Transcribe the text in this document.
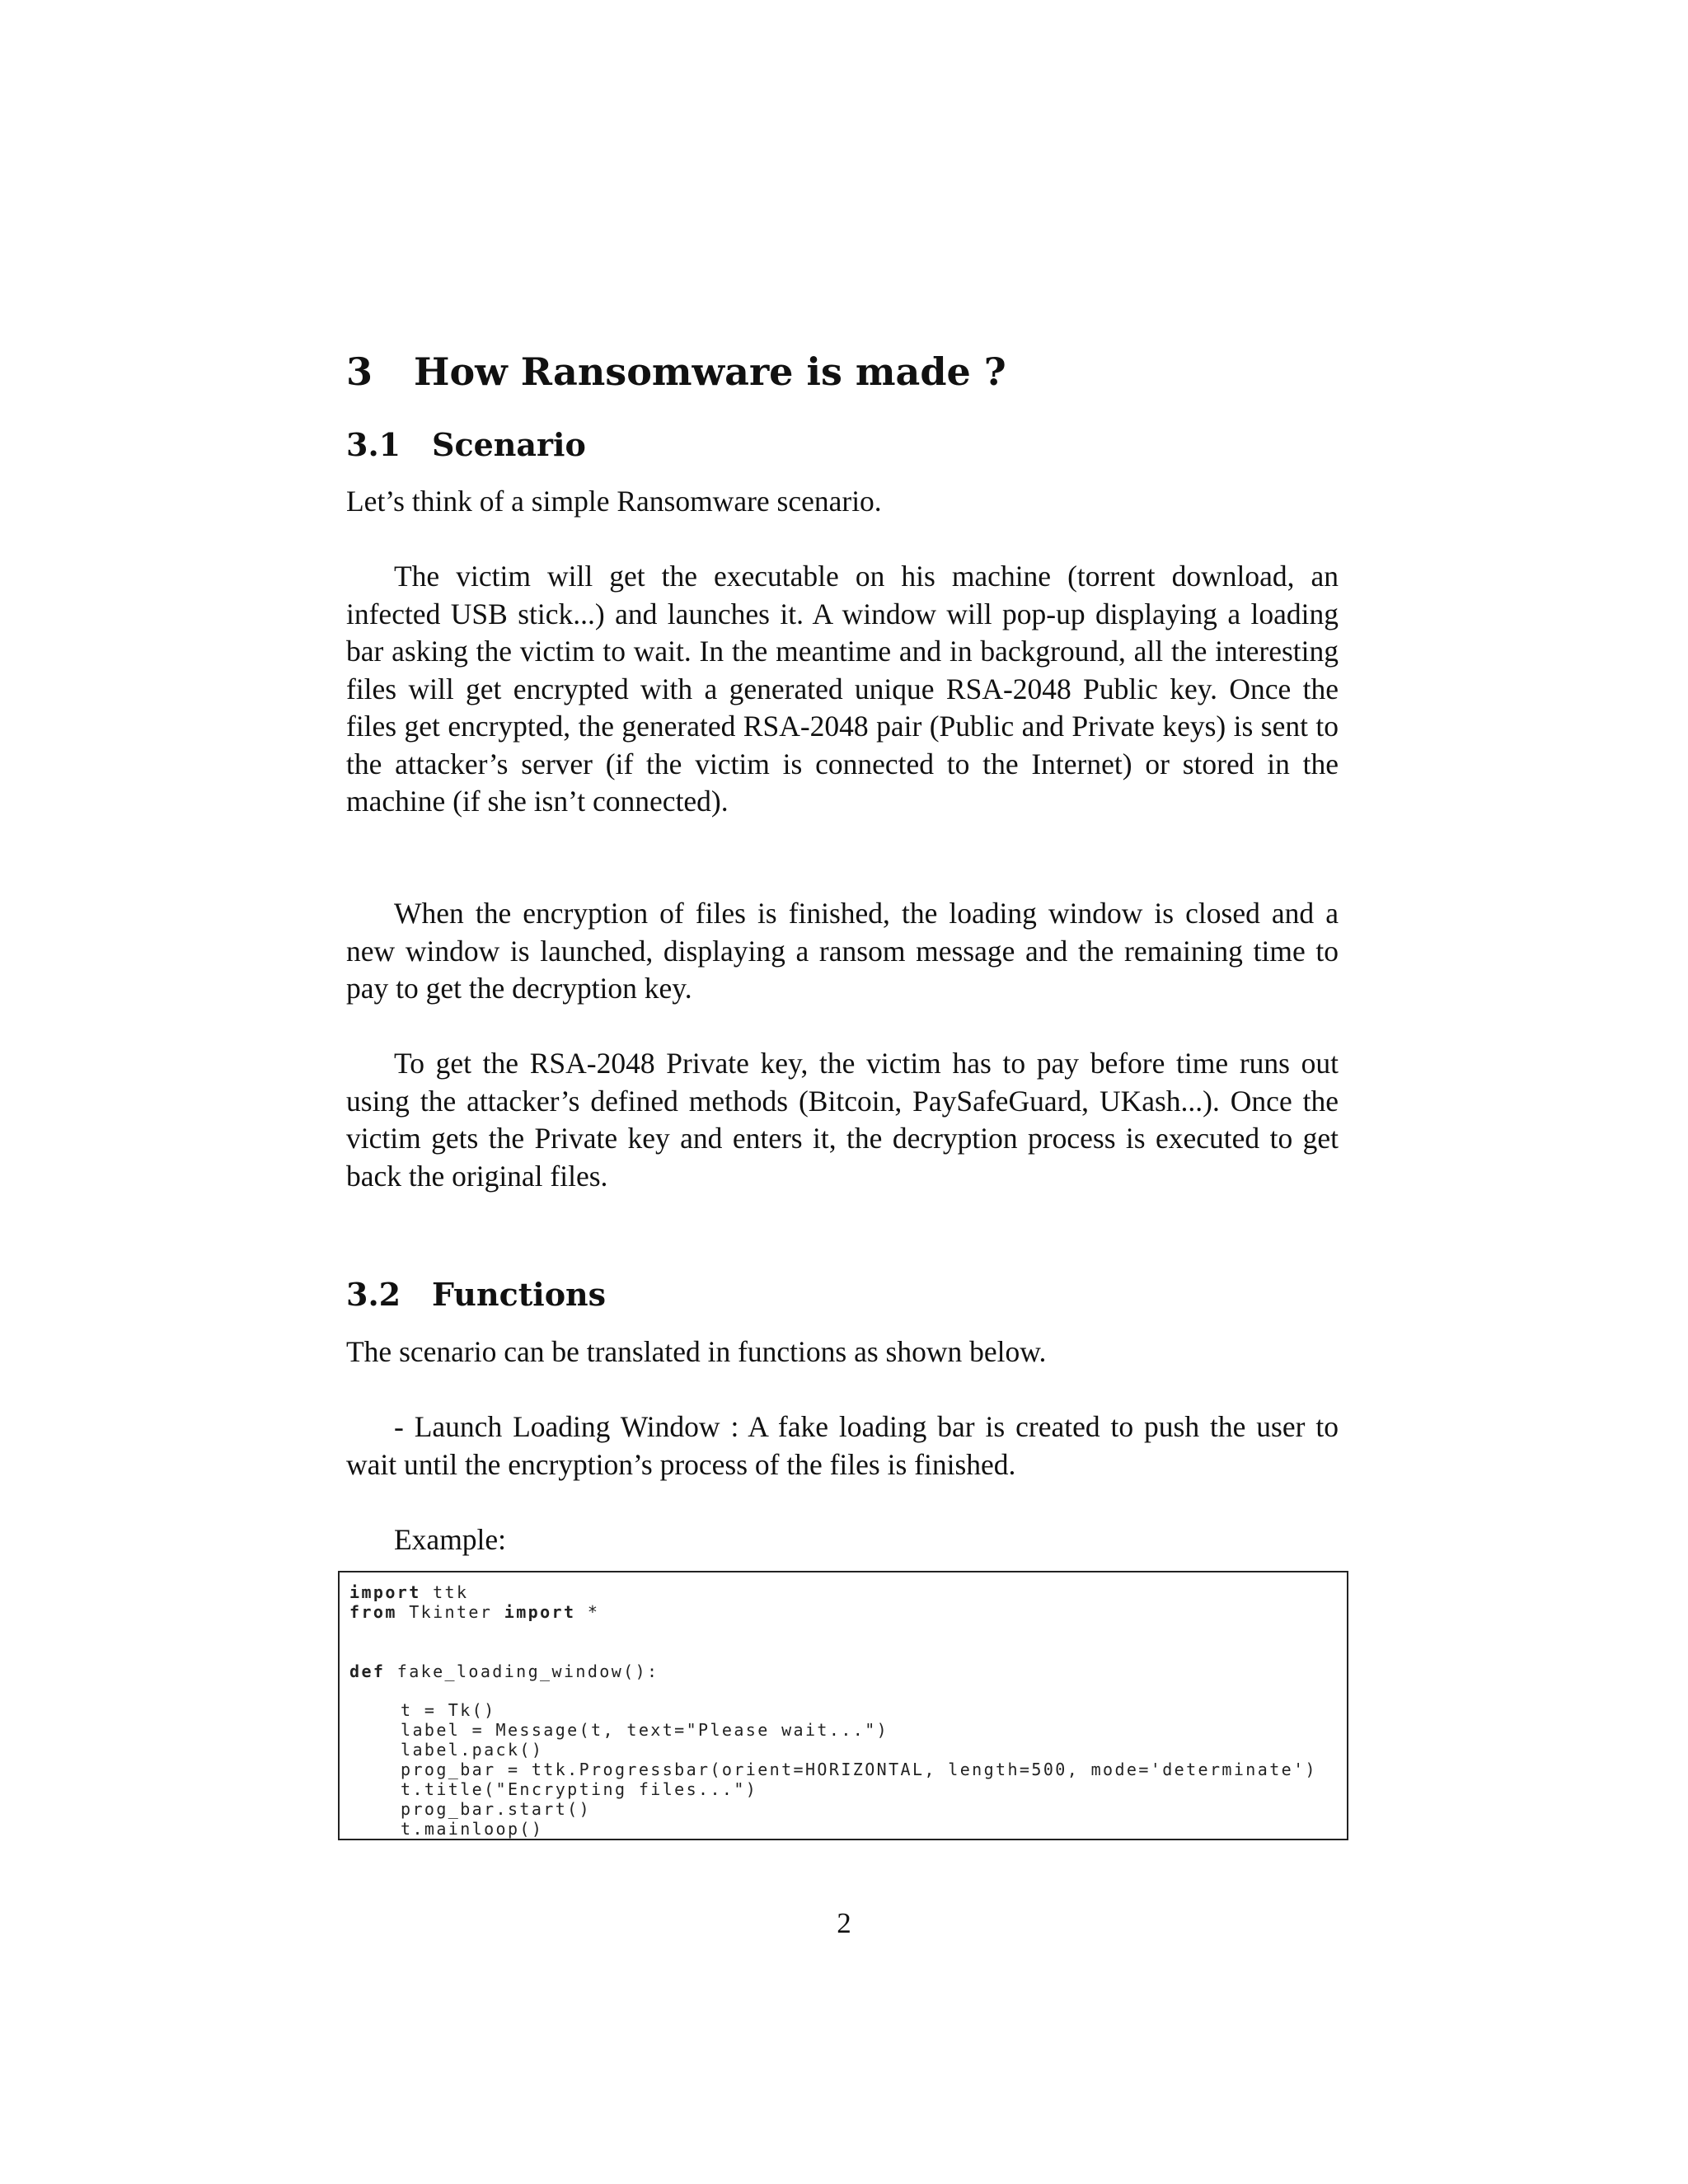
3 How Ransomware is made ?
3.1 Scenario

Let’s think of a simple Ransomware scenario.

The victim will get the executable on his machine (torrent download, an infected USB stick...) and launches it. A window will pop-up displaying a loading bar asking the victim to wait. In the meantime and in background, all the interesting files will get encrypted with a generated unique RSA-2048 Public key. Once the files get encrypted, the generated RSA-2048 pair (Public and Private keys) is sent to the attacker’s server (if the victim is connected to the Internet) or stored in the machine (if she isn’t connected).

When the encryption of files is finished, the loading window is closed and a new window is launched, displaying a ransom message and the remaining time to pay to get the decryption key.

To get the RSA-2048 Private key, the victim has to pay before time runs out using the attacker’s defined methods (Bitcoin, PaySafeGuard, UKash...). Once the victim gets the Private key and enters it, the decryption process is executed to get back the original files.

3.2 Functions

The scenario can be translated in functions as shown below.

- Launch Loading Window : A fake loading bar is created to push the user to wait until the encryption’s process of the files is finished.

Example:

import ttk
from Tkinter import *
def fake_loading_window():
t = Tk()
label = Message(t, text="Please wait...")
label.pack()
prog_bar = ttk.Progressbar(orient=HORIZONTAL, length=500, mode='determinate')
t.title("Encrypting files...")
prog_bar.start()
t.mainloop()

2
